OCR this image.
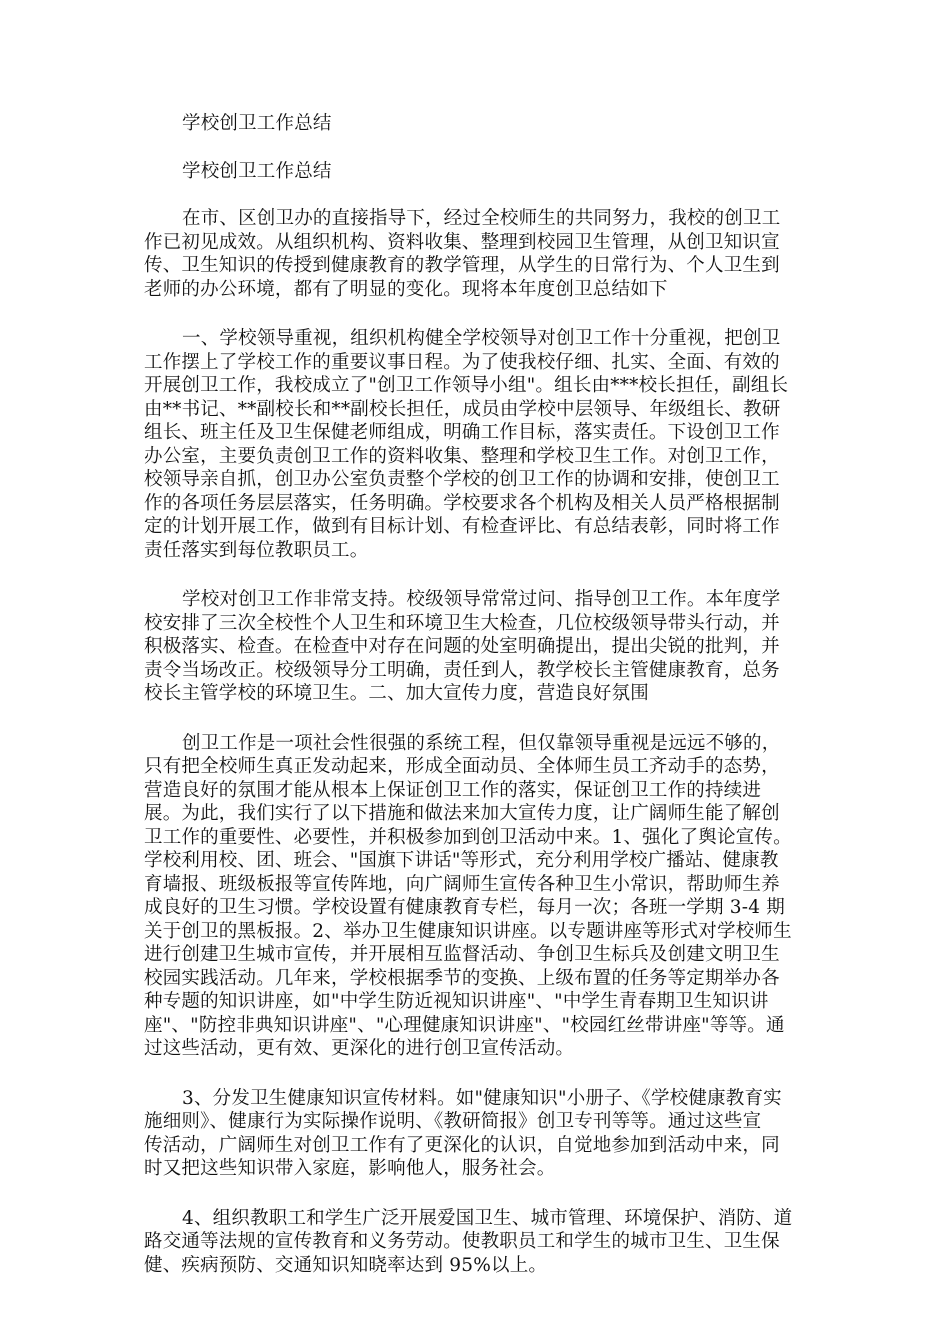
学校创卫工作总结

学校创卫工作总结

在市、区创卫办的直接指导下，经过全校师生的共同努力，我校的创卫工

作已初见成效。从组织机构、资料收集、整理到校园卫生管理，从创卫知识宣

传、卫生知识的传授到健康教育的教学管理，从学生的日常行为、个人卫生到

老师的办公环境，都有了明显的变化。现将本年度创卫总结如下

一、学校领导重视，组织机构健全学校领导对创卫工作十分重视，把创卫

工作摆上了学校工作的重要议事日程。为了使我校仔细、扎实、全面、有效的

开展创卫工作，我校成立了"创卫工作领导小组"。组长由***校长担任，副组长

由**书记、**副校长和**副校长担任，成员由学校中层领导、年级组长、教研

组长、班主任及卫生保健老师组成，明确工作目标，落实责任。下设创卫工作

办公室，主要负责创卫工作的资料收集、整理和学校卫生工作。对创卫工作，

校领导亲自抓，创卫办公室负责整个学校的创卫工作的协调和安排，使创卫工

作的各项任务层层落实，任务明确。学校要求各个机构及相关人员严格根据制

定的计划开展工作，做到有目标计划、有检查评比、有总结表彰，同时将工作

责任落实到每位教职员工。

学校对创卫工作非常支持。校级领导常常过问、指导创卫工作。本年度学

校安排了三次全校性个人卫生和环境卫生大检查，几位校级领导带头行动，并

积极落实、检查。在检查中对存在问题的处室明确提出，提出尖锐的批判，并

责令当场改正。校级领导分工明确，责任到人，教学校长主管健康教育，总务

校长主管学校的环境卫生。二、加大宣传力度，营造良好氛围

创卫工作是一项社会性很强的系统工程，但仅靠领导重视是远远不够的，

只有把全校师生真正发动起来，形成全面动员、全体师生员工齐动手的态势，

营造良好的氛围才能从根本上保证创卫工作的落实，保证创卫工作的持续进

展。为此，我们实行了以下措施和做法来加大宣传力度，让广阔师生能了解创

卫工作的重要性、必要性，并积极参加到创卫活动中来。1、强化了舆论宣传。

学校利用校、团、班会、"国旗下讲话"等形式，充分利用学校广播站、健康教

育墙报、班级板报等宣传阵地，向广阔师生宣传各种卫生小常识，帮助师生养

成良好的卫生习惯。学校设置有健康教育专栏，每月一次；各班一学期 3-4 期

关于创卫的黑板报。2、举办卫生健康知识讲座。以专题讲座等形式对学校师生

进行创建卫生城市宣传，并开展相互监督活动、争创卫生标兵及创建文明卫生

校园实践活动。几年来，学校根据季节的变换、上级布置的任务等定期举办各

种专题的知识讲座，如"中学生防近视知识讲座"、"中学生青春期卫生知识讲

座"、"防控非典知识讲座"、"心理健康知识讲座"、"校园红丝带讲座"等等。通

过这些活动，更有效、更深化的进行创卫宣传活动。

3、分发卫生健康知识宣传材料。如"健康知识"小册子、《学校健康教育实

施细则》、健康行为实际操作说明、《教研简报》创卫专刊等等。通过这些宣

传活动，广阔师生对创卫工作有了更深化的认识，自觉地参加到活动中来，同

时又把这些知识带入家庭，影响他人，服务社会。

4、组织教职工和学生广泛开展爱国卫生、城市管理、环境保护、消防、道

路交通等法规的宣传教育和义务劳动。使教职员工和学生的城市卫生、卫生保

健、疾病预防、交通知识知晓率达到 95%以上。
